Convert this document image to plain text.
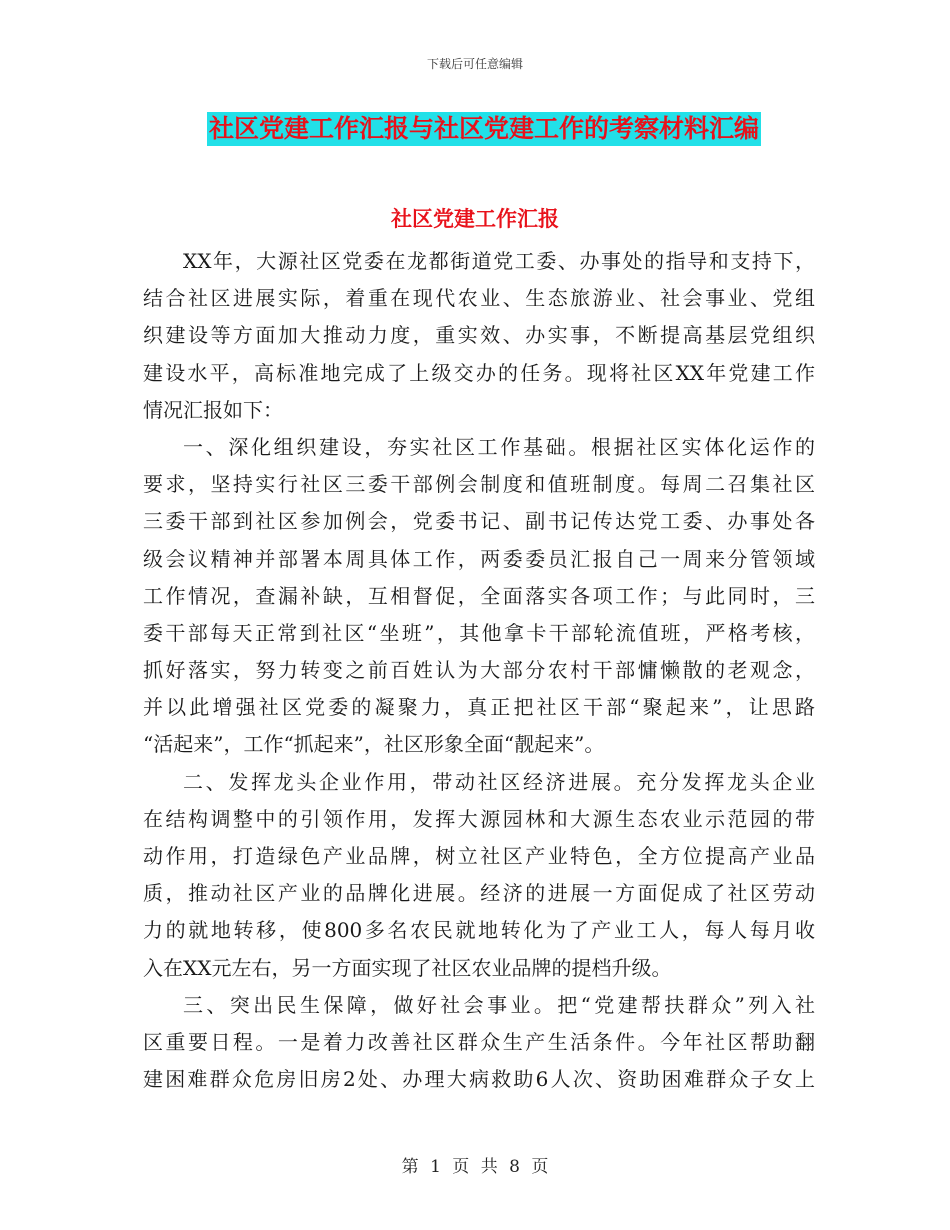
下载后可任意编辑
社区党建工作汇报与社区党建工作的考察材料汇编
社区党建工作汇报
XX年，大源社区党委在龙都街道党工委、办事处的指导和支持下，
结合社区进展实际，着重在现代农业、生态旅游业、社会事业、党组
织建设等方面加大推动力度，重实效、办实事，不断提高基层党组织
建设水平，高标准地完成了上级交办的任务。现将社区XX年党建工作
情况汇报如下：
一、深化组织建设，夯实社区工作基础。根据社区实体化运作的
要求，坚持实行社区三委干部例会制度和值班制度。每周二召集社区
三委干部到社区参加例会，党委书记、副书记传达党工委、办事处各
级会议精神并部署本周具体工作，两委委员汇报自己一周来分管领域
工作情况，查漏补缺，互相督促，全面落实各项工作；与此同时，三
委干部每天正常到社区“坐班”，其他拿卡干部轮流值班，严格考核，
抓好落实，努力转变之前百姓认为大部分农村干部慵懒散的老观念，
并以此增强社区党委的凝聚力，真正把社区干部“聚起来”，让思路
“活起来”，工作“抓起来”，社区形象全面“靓起来”。
二、发挥龙头企业作用，带动社区经济进展。充分发挥龙头企业
在结构调整中的引领作用，发挥大源园林和大源生态农业示范园的带
动作用，打造绿色产业品牌，树立社区产业特色，全方位提高产业品
质，推动社区产业的品牌化进展。经济的进展一方面促成了社区劳动
力的就地转移，使800多名农民就地转化为了产业工人，每人每月收
入在XX元左右，另一方面实现了社区农业品牌的提档升级。
三、突出民生保障，做好社会事业。把“党建帮扶群众”列入社
区重要日程。一是着力改善社区群众生产生活条件。今年社区帮助翻
建困难群众危房旧房2处、办理大病救助6人次、资助困难群众子女上
第 1 页 共 8 页
